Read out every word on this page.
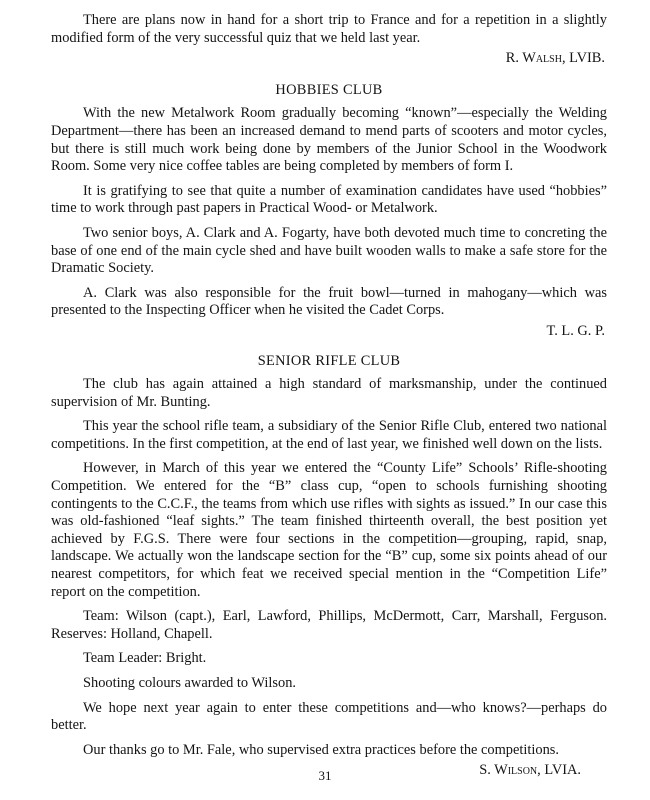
There are plans now in hand for a short trip to France and for a repetition in a slightly modified form of the very successful quiz that we held last year.

R. Walsh, LVIB.

HOBBIES CLUB

With the new Metalwork Room gradually becoming “known”—especially the Welding Department—there has been an increased demand to mend parts of scooters and motor cycles, but there is still much work being done by members of the Junior School in the Woodwork Room. Some very nice coffee tables are being completed by members of form I.

It is gratifying to see that quite a number of examination candidates have used “hobbies” time to work through past papers in Practical Wood- or Metalwork.

Two senior boys, A. Clark and A. Fogarty, have both devoted much time to concreting the base of one end of the main cycle shed and have built wooden walls to make a safe store for the Dramatic Society.

A. Clark was also responsible for the fruit bowl—turned in mahogany—which was presented to the Inspecting Officer when he visited the Cadet Corps.

T. L. G. P.

SENIOR RIFLE CLUB

The club has again attained a high standard of marksmanship, under the continued supervision of Mr. Bunting.

This year the school rifle team, a subsidiary of the Senior Rifle Club, entered two national competitions. In the first competition, at the end of last year, we finished well down on the lists.

However, in March of this year we entered the “County Life” Schools’ Rifle-shooting Competition. We entered for the “B” class cup, “open to schools furnishing shooting contingents to the C.C.F., the teams from which use rifles with sights as issued.” In our case this was old-fashioned “leaf sights.” The team finished thirteenth overall, the best position yet achieved by F.G.S. There were four sections in the competition—grouping, rapid, snap, landscape. We actually won the landscape section for the “B” cup, some six points ahead of our nearest competitors, for which feat we received special mention in the “Competition Life” report on the competition.

Team: Wilson (capt.), Earl, Lawford, Phillips, McDermott, Carr, Marshall, Ferguson. Reserves: Holland, Chapell.

Team Leader: Bright.

Shooting colours awarded to Wilson.

We hope next year again to enter these competitions and—who knows?—perhaps do better.

Our thanks go to Mr. Fale, who supervised extra practices before the competitions.

S. Wilson, LVIA.

31
